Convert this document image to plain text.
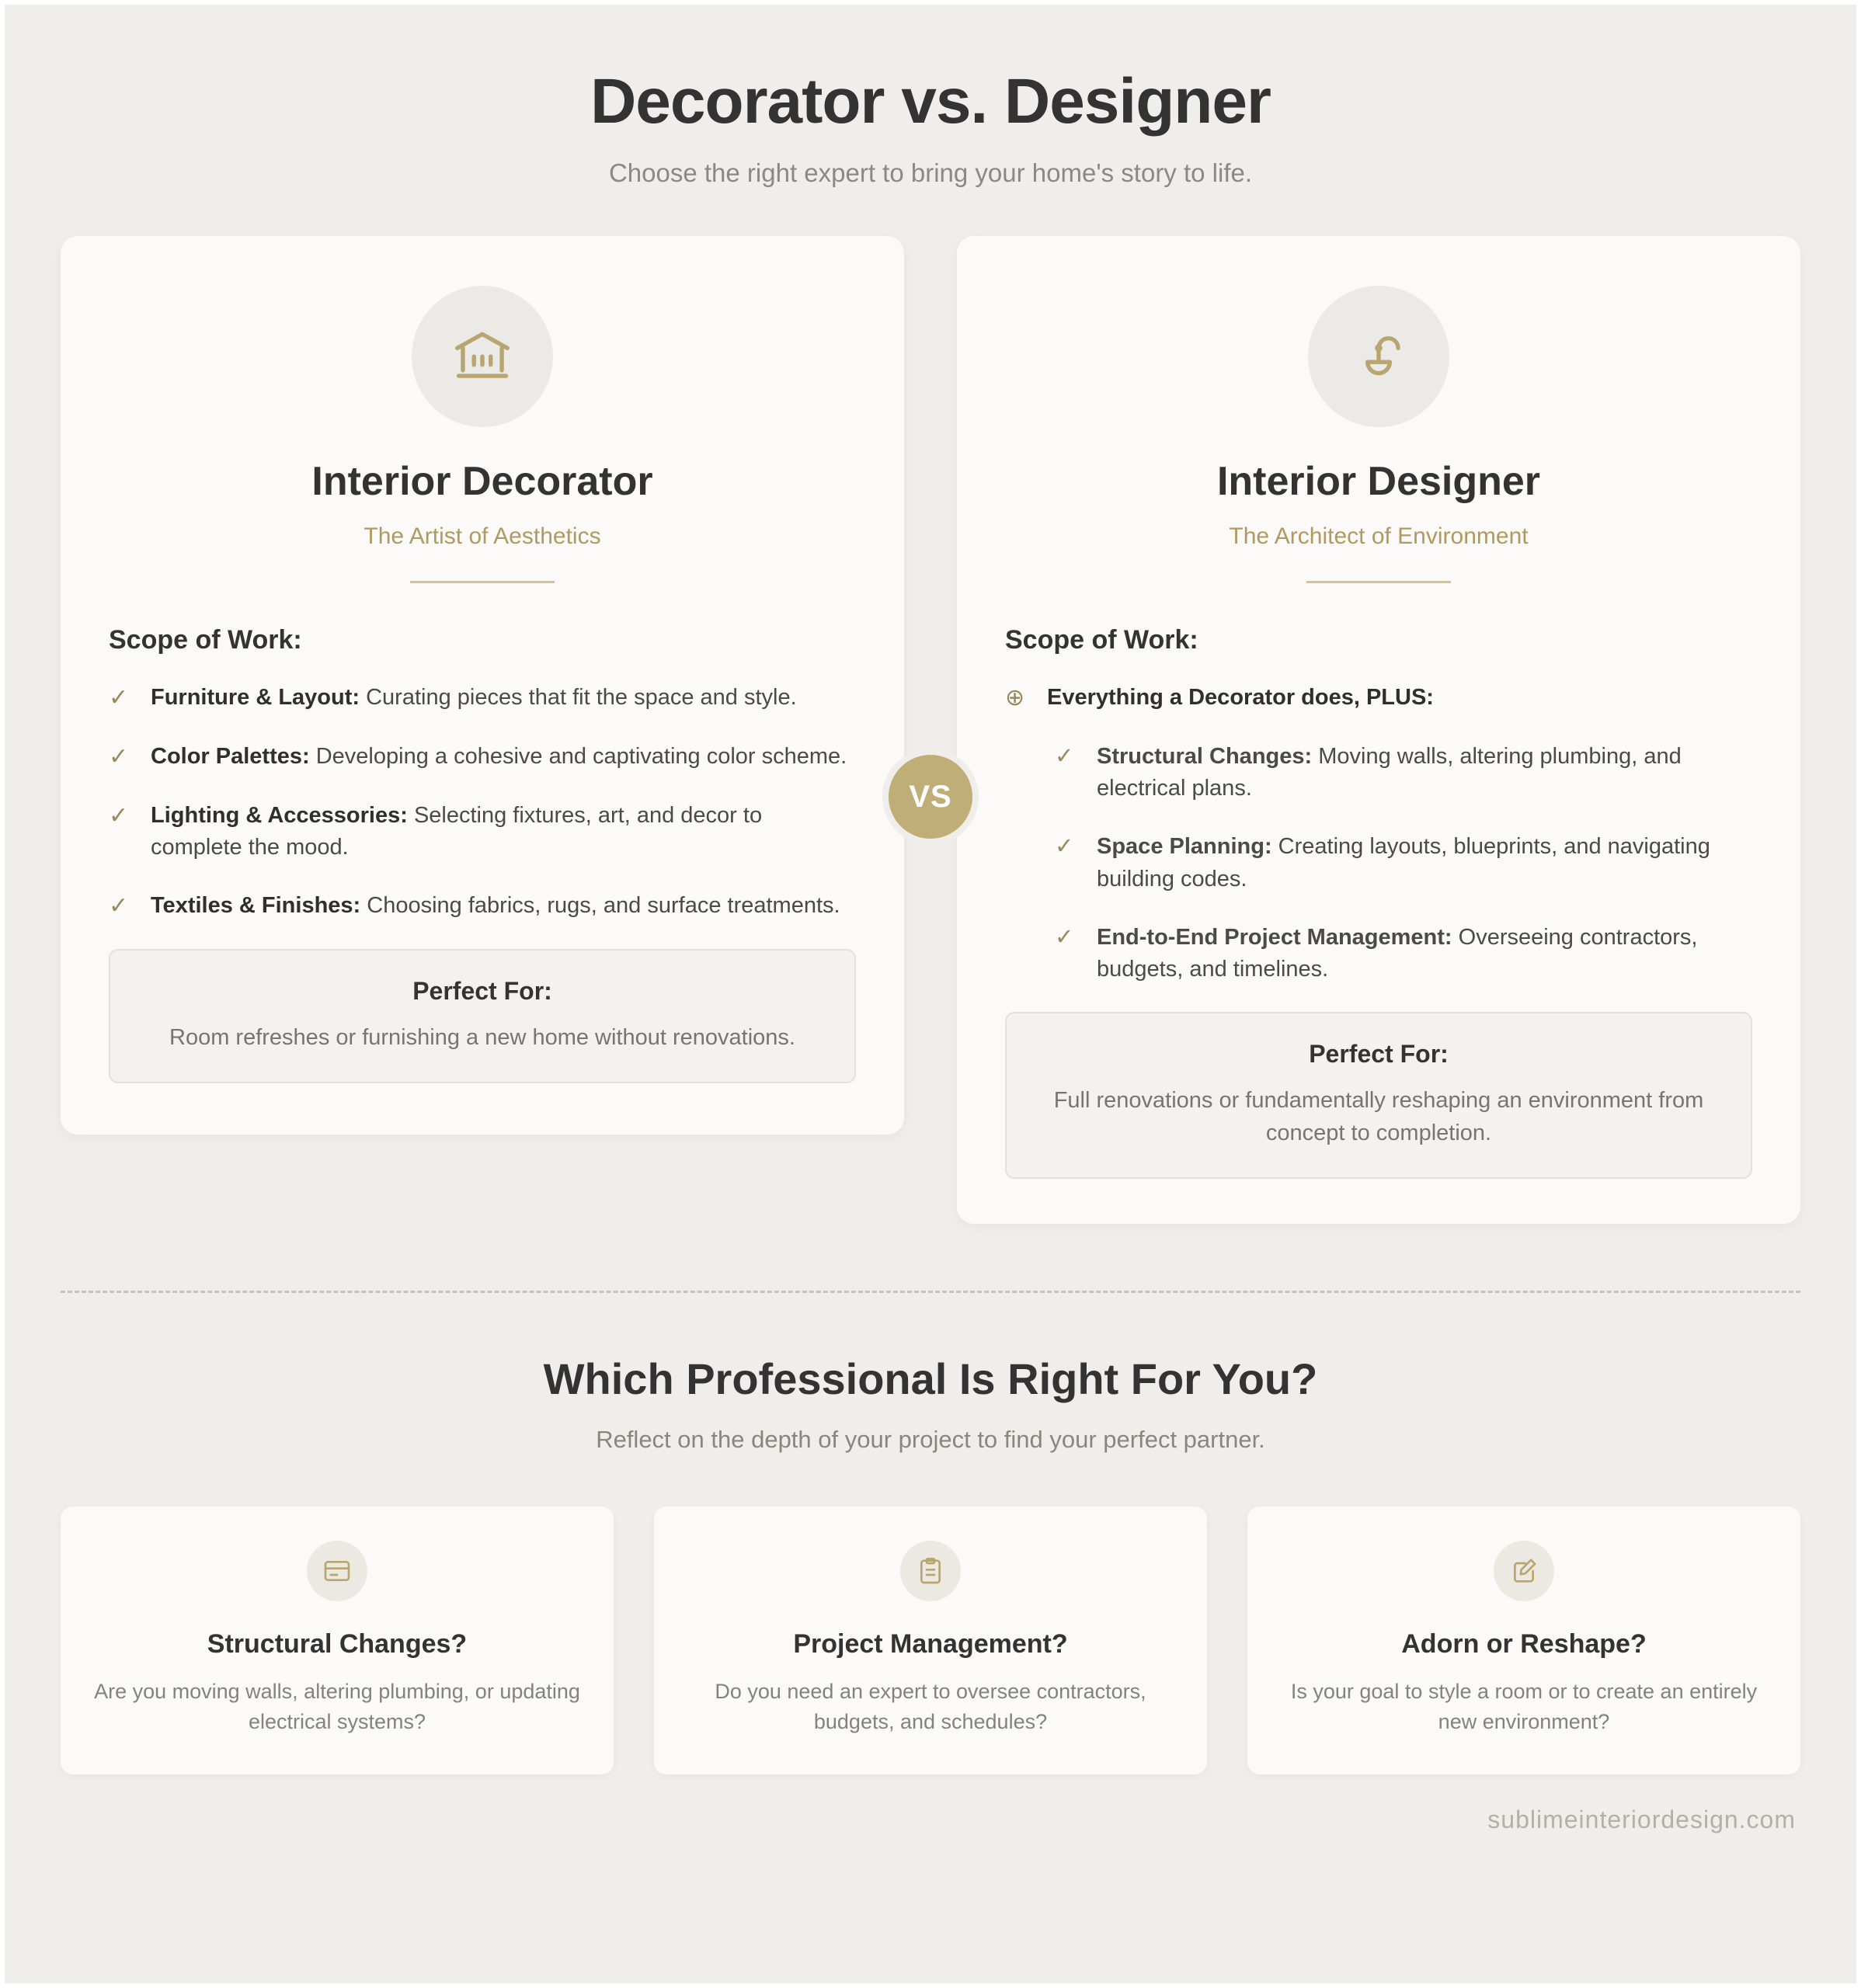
Decorator vs. Designer
Choose the right expert to bring your home's story to life.
VS
Interior Decorator
The Artist of Aesthetics
Scope of Work:
✓ Furniture & Layout: Curating pieces that fit the space and style.
✓ Color Palettes: Developing a cohesive and captivating color scheme.
✓ Lighting & Accessories: Selecting fixtures, art, and decor to complete the mood.
✓ Textiles & Finishes: Choosing fabrics, rugs, and surface treatments.
Perfect For:
Room refreshes or furnishing a new home without renovations.
Interior Designer
The Architect of Environment
Scope of Work:
⊕ Everything a Decorator does, PLUS:
✓ Structural Changes: Moving walls, altering plumbing, and electrical plans.
✓ Space Planning: Creating layouts, blueprints, and navigating building codes.
✓ End-to-End Project Management: Overseeing contractors, budgets, and timelines.
Perfect For:
Full renovations or fundamentally reshaping an environment from concept to completion.
Which Professional Is Right For You?
Reflect on the depth of your project to find your perfect partner.
Structural Changes?
Are you moving walls, altering plumbing, or updating electrical systems?
Project Management?
Do you need an expert to oversee contractors, budgets, and schedules?
Adorn or Reshape?
Is your goal to style a room or to create an entirely new environment?
sublimeinteriordesign.com
